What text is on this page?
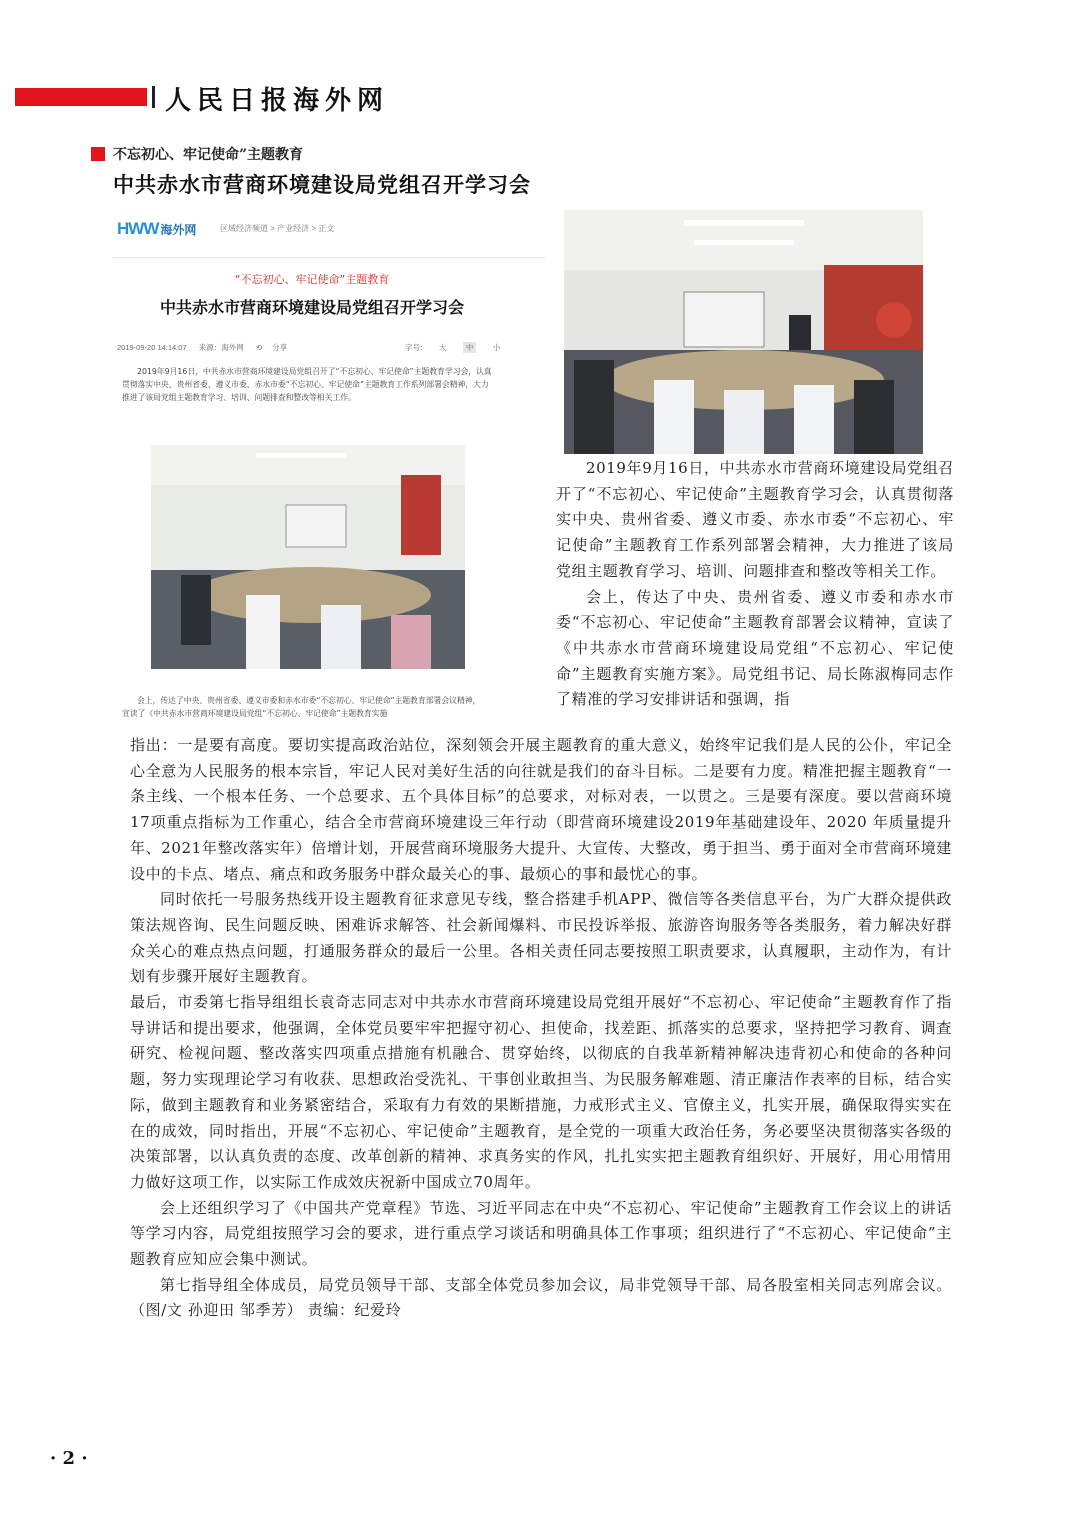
人民日报海外网
不忘初心、牢记使命”主题教育
中共赤水市营商环境建设局党组召开学习会
HWW 海外网	区域经济频道 > 产业经济 > 正文
“不忘初心、牢记使命”主题教育
中共赤水市营商环境建设局党组召开学习会
2019-09-20 14:14:07 来源：海外网 ⟲ 分享	字号: 大	中	小
2019年9月16日，中共赤水市营商环境建设局党组召开了“不忘初心、牢记使命”主题教育学习会，认真贯彻落实中央、贵州省委、遵义市委、赤水市委“不忘初心、牢记使命”主题教育工作系列部署会精神，大力推进了该局党组主题教育学习、培训、问题排查和整改等相关工作。
会上，传达了中央、贵州省委、遵义市委和赤水市委“不忘初心、牢记使命”主题教育部署会议精神，宣读了《中共赤水市营商环境建设局党组“不忘初心、牢记使命”主题教育实施

2019年9月16日，中共赤水市营商环境建设局党组召开了“不忘初心、牢记使命”主题教育学习会，认真贯彻落实中央、贵州省委、遵义市委、赤水市委“不忘初心、牢记使命”主题教育工作系列部署会精神，大力推进了该局党组主题教育学习、培训、问题排查和整改等相关工作。

会上，传达了中央、贵州省委、遵义市委和赤水市委“不忘初心、牢记使命”主题教育部署会议精神，宣读了《中共赤水市营商环境建设局党组“不忘初心、牢记使命”主题教育实施方案》。局党组书记、局长陈淑梅同志作了精准的学习安排讲话和强调，指

指出：一是要有高度。要切实提高政治站位，深刻领会开展主题教育的重大意义，始终牢记我们是人民的公仆，牢记全心全意为人民服务的根本宗旨，牢记人民对美好生活的向往就是我们的奋斗目标。二是要有力度。精准把握主题教育“一条主线、一个根本任务、一个总要求、五个具体目标”的总要求，对标对表，一以贯之。三是要有深度。要以营商环境17项重点指标为工作重心，结合全市营商环境建设三年行动（即营商环境建设2019年基础建设年、2020 年质量提升年、2021年整改落实年）倍增计划，开展营商环境服务大提升、大宣传、大整改，勇于担当、勇于面对全市营商环境建设中的卡点、堵点、痛点和政务服务中群众最关心的事、最烦心的事和最忧心的事。

同时依托一号服务热线开设主题教育征求意见专线，整合搭建手机APP、微信等各类信息平台，为广大群众提供政策法规咨询、民生问题反映、困难诉求解答、社会新闻爆料、市民投诉举报、旅游咨询服务等各类服务，着力解决好群众关心的难点热点问题，打通服务群众的最后一公里。各相关责任同志要按照工职责要求，认真履职，主动作为，有计划有步骤开展好主题教育。

最后，市委第七指导组组长袁奇志同志对中共赤水市营商环境建设局党组开展好“不忘初心、牢记使命”主题教育作了指导讲话和提出要求，他强调，全体党员要牢牢把握守初心、担使命，找差距、抓落实的总要求，坚持把学习教育、调查研究、检视问题、整改落实四项重点措施有机融合、贯穿始终，以彻底的自我革新精神解决违背初心和使命的各种问题，努力实现理论学习有收获、思想政治受洗礼、干事创业敢担当、为民服务解难题、清正廉洁作表率的目标，结合实际，做到主题教育和业务紧密结合，采取有力有效的果断措施，力戒形式主义、官僚主义，扎实开展，确保取得实实在在的成效，同时指出，开展“不忘初心、牢记使命”主题教育，是全党的一项重大政治任务，务必要坚决贯彻落实各级的决策部署，以认真负责的态度、改革创新的精神、求真务实的作风，扎扎实实把主题教育组织好、开展好，用心用情用力做好这项工作，以实际工作成效庆祝新中国成立70周年。

会上还组织学习了《中国共产党章程》节选、习近平同志在中央“不忘初心、牢记使命”主题教育工作会议上的讲话等学习内容，局党组按照学习会的要求，进行重点学习谈话和明确具体工作事项；组织进行了“不忘初心、牢记使命”主题教育应知应会集中测试。

第七指导组全体成员，局党员领导干部、支部全体党员参加会议，局非党领导干部、局各股室相关同志列席会议。（图/文 孙迎田 邹季芳） 责编：纪爱玲

· 2 ·
